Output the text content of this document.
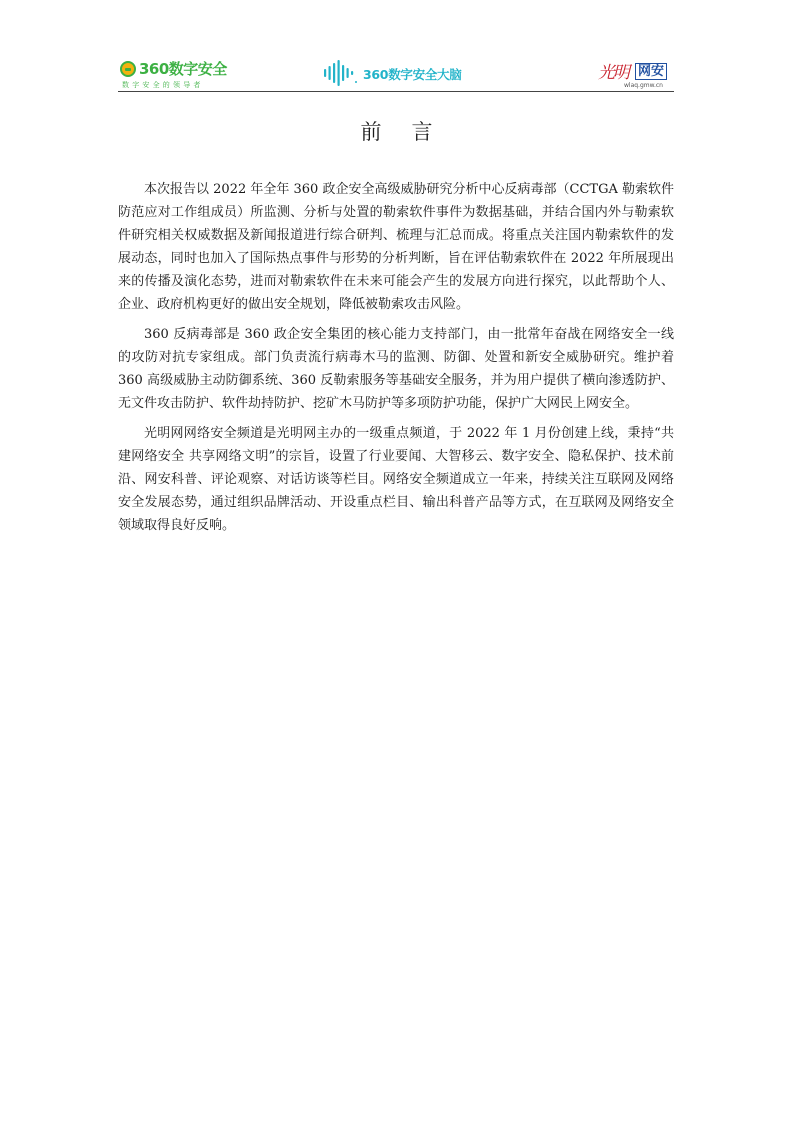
360数字安全
数字安全的领导者
360数字安全大脑	光明 网安
wlaq.gmw.cn
前言

本次报告以 2022 年全年 360 政企安全高级威胁研究分析中心反病毒部（CCTGA 勒索软件防范应对工作组成员）所监测、分析与处置的勒索软件事件为数据基础，并结合国内外与勒索软件研究相关权威数据及新闻报道进行综合研判、梳理与汇总而成。将重点关注国内勒索软件的发展动态，同时也加入了国际热点事件与形势的分析判断，旨在评估勒索软件在 2022 年所展现出来的传播及演化态势，进而对勒索软件在未来可能会产生的发展方向进行探究，以此帮助个人、企业、政府机构更好的做出安全规划，降低被勒索攻击风险。

360 反病毒部是 360 政企安全集团的核心能力支持部门，由一批常年奋战在网络安全一线的攻防对抗专家组成。部门负责流行病毒木马的监测、防御、处置和新安全威胁研究。维护着 360 高级威胁主动防御系统、360 反勒索服务等基础安全服务，并为用户提供了横向渗透防护、无文件攻击防护、软件劫持防护、挖矿木马防护等多项防护功能，保护广大网民上网安全。

光明网网络安全频道是光明网主办的一级重点频道，于 2022 年 1 月份创建上线，秉持“共建网络安全 共享网络文明”的宗旨，设置了行业要闻、大智移云、数字安全、隐私保护、技术前沿、网安科普、评论观察、对话访谈等栏目。网络安全频道成立一年来，持续关注互联网及网络安全发展态势，通过组织品牌活动、开设重点栏目、输出科普产品等方式，在互联网及网络安全领域取得良好反响。
